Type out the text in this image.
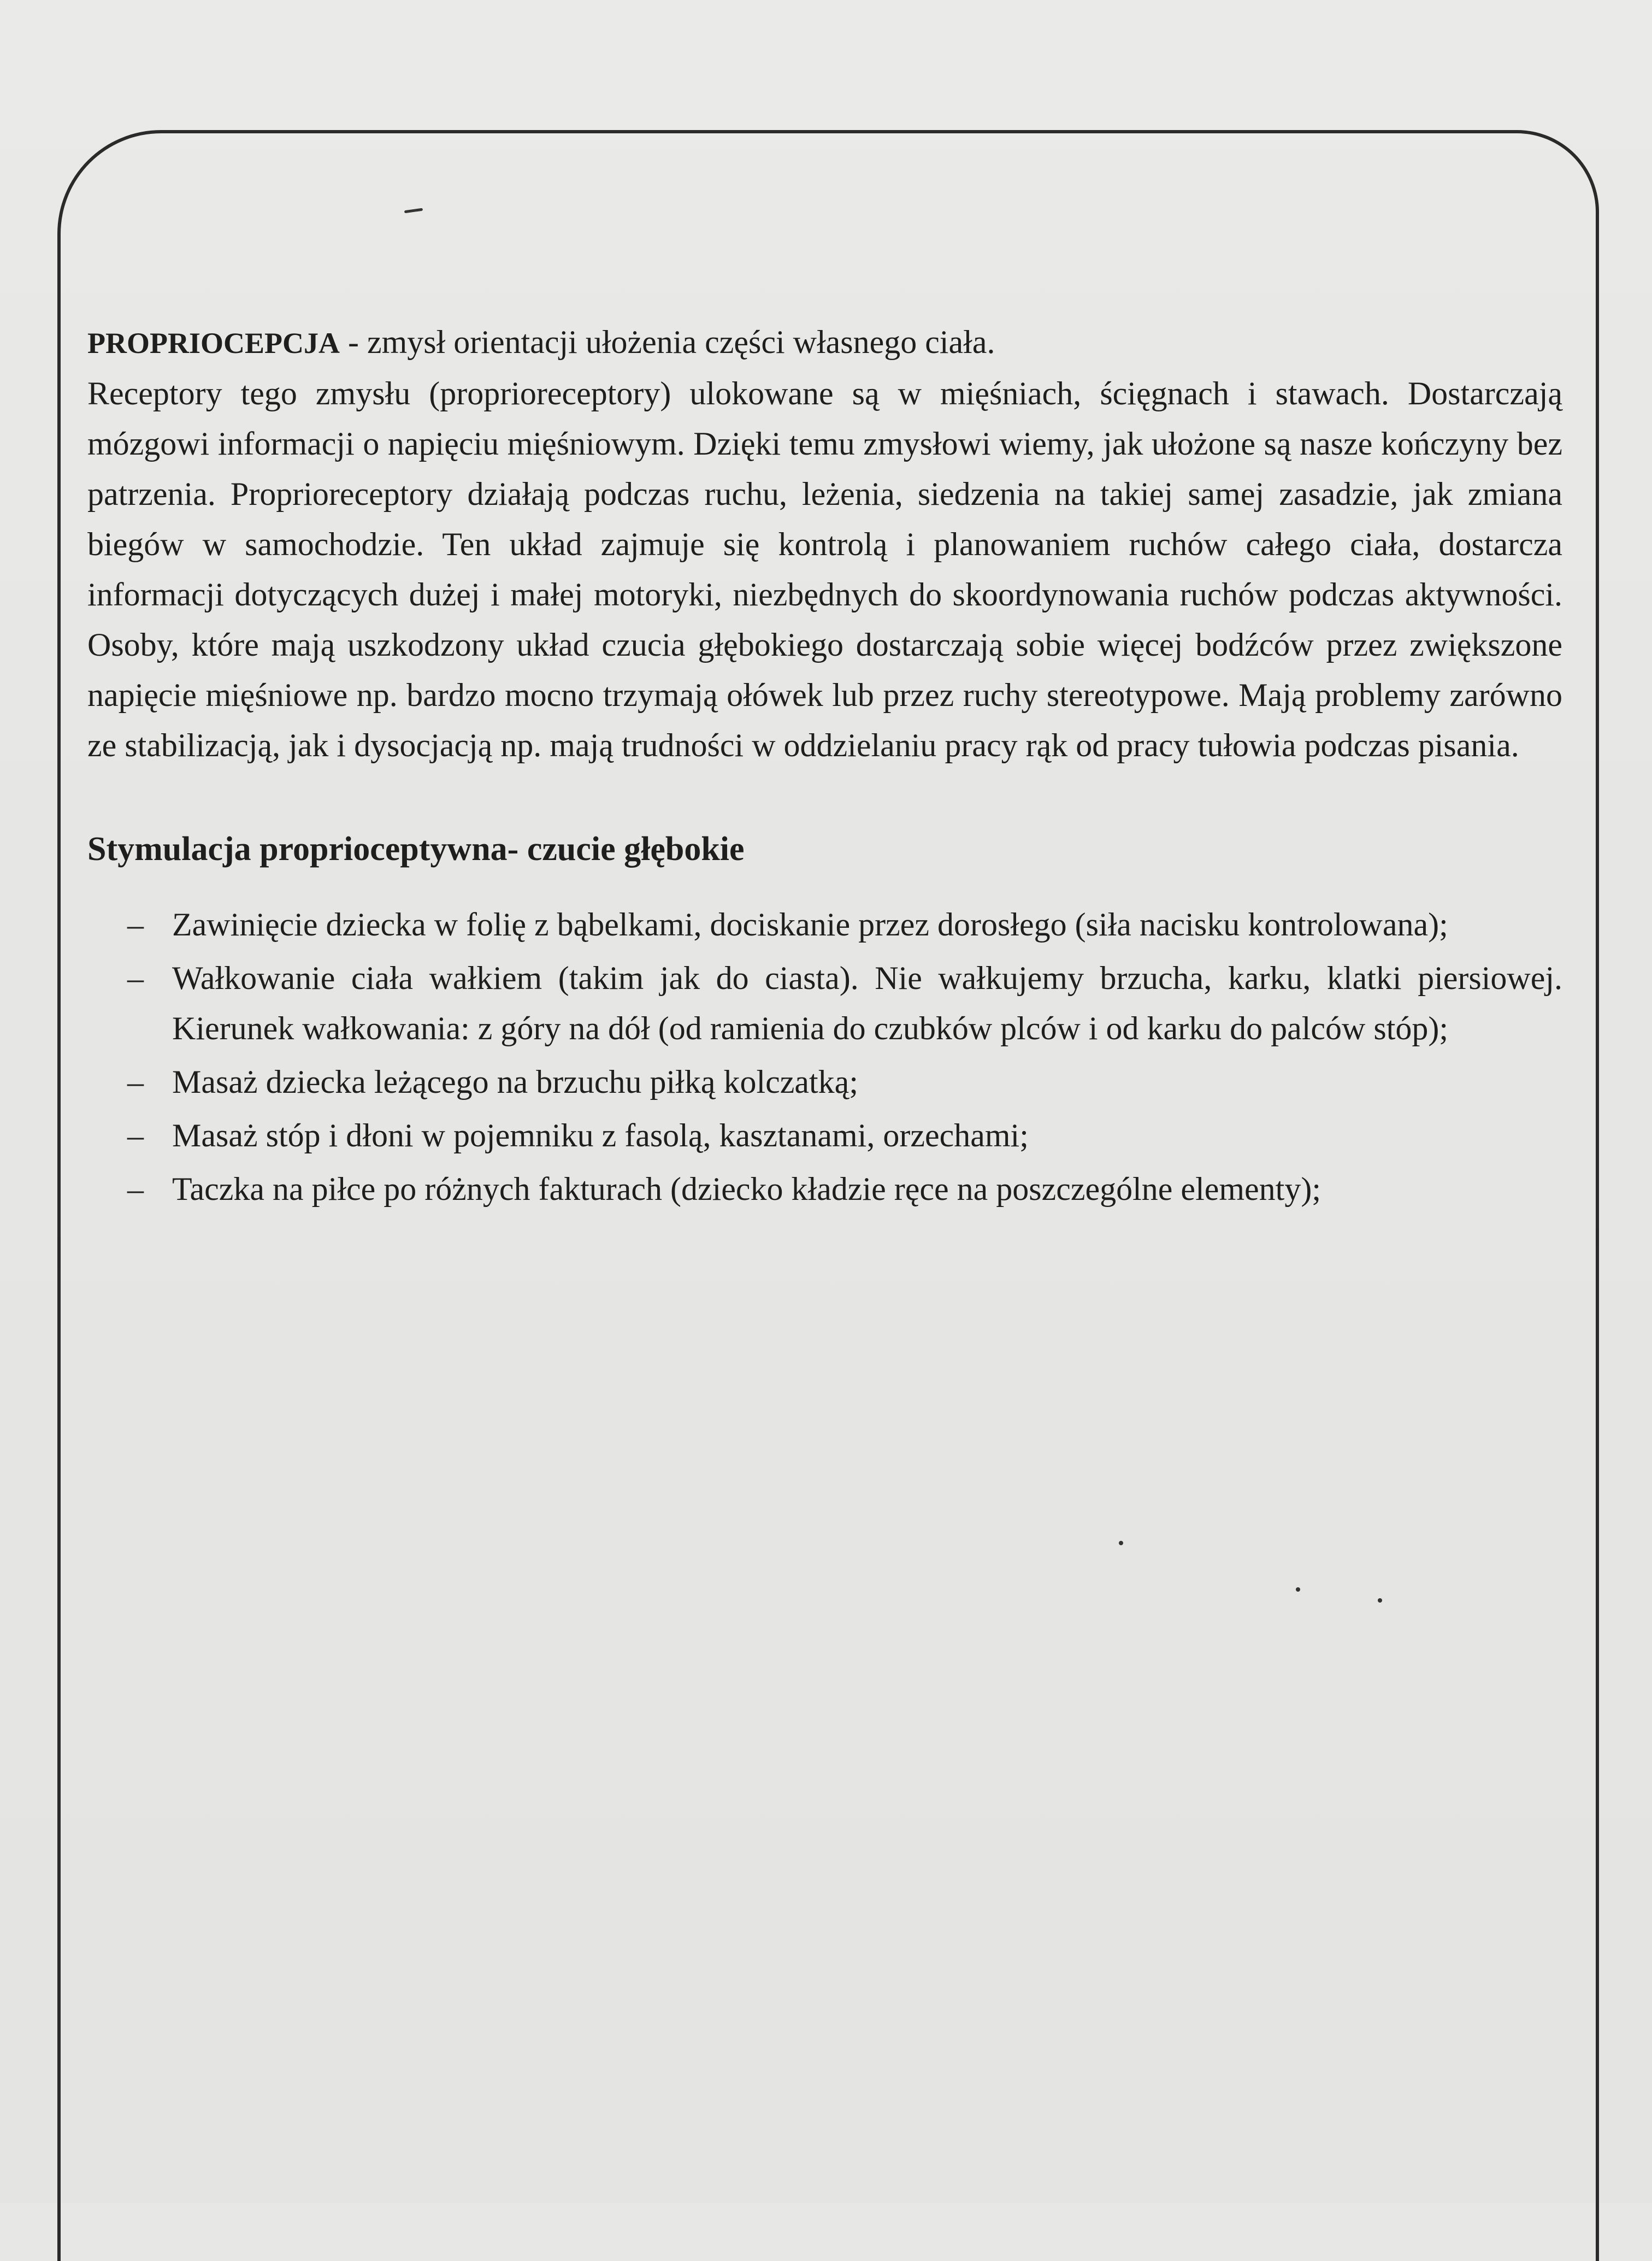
PROPRIOCEPCJA - zmysł orientacji ułożenia części własnego ciała.
Receptory tego zmysłu (proprioreceptory) ulokowane są w mięśniach, ścięgnach i stawach. Dostarczają mózgowi informacji o napięciu mięśniowym. Dzięki temu zmysłowi wiemy, jak ułożone są nasze kończyny bez patrzenia. Proprioreceptory działają podczas ruchu, leżenia, siedzenia na takiej samej zasadzie, jak zmiana biegów w samochodzie. Ten układ zajmuje się kontrolą i planowaniem ruchów całego ciała, dostarcza informacji dotyczących dużej i małej motoryki, niezbędnych do skoordynowania ruchów podczas aktywności. Osoby, które mają uszkodzony układ czucia głębokiego dostarczają sobie więcej bodźców przez zwiększone napięcie mięśniowe np. bardzo mocno trzymają ołówek lub przez ruchy stereotypowe. Mają problemy zarówno ze stabilizacją, jak i dysocjacją np. mają trudności w oddzielaniu pracy rąk od pracy tułowia podczas pisania.

Stymulacja proprioceptywna- czucie głębokie
– Zawinięcie dziecka w folię z bąbelkami, dociskanie przez dorosłego (siła nacisku kontrolowana);
– Wałkowanie ciała wałkiem (takim jak do ciasta). Nie wałkujemy brzucha, karku, klatki piersiowej. Kierunek wałkowania: z góry na dół (od ramienia do czubków plców i od karku do palców stóp);
– Masaż dziecka leżącego na brzuchu piłką kolczatką;
– Masaż stóp i dłoni w pojemniku z fasolą, kasztanami, orzechami;
– Taczka na piłce po różnych fakturach (dziecko kładzie ręce na poszczególne elementy);
